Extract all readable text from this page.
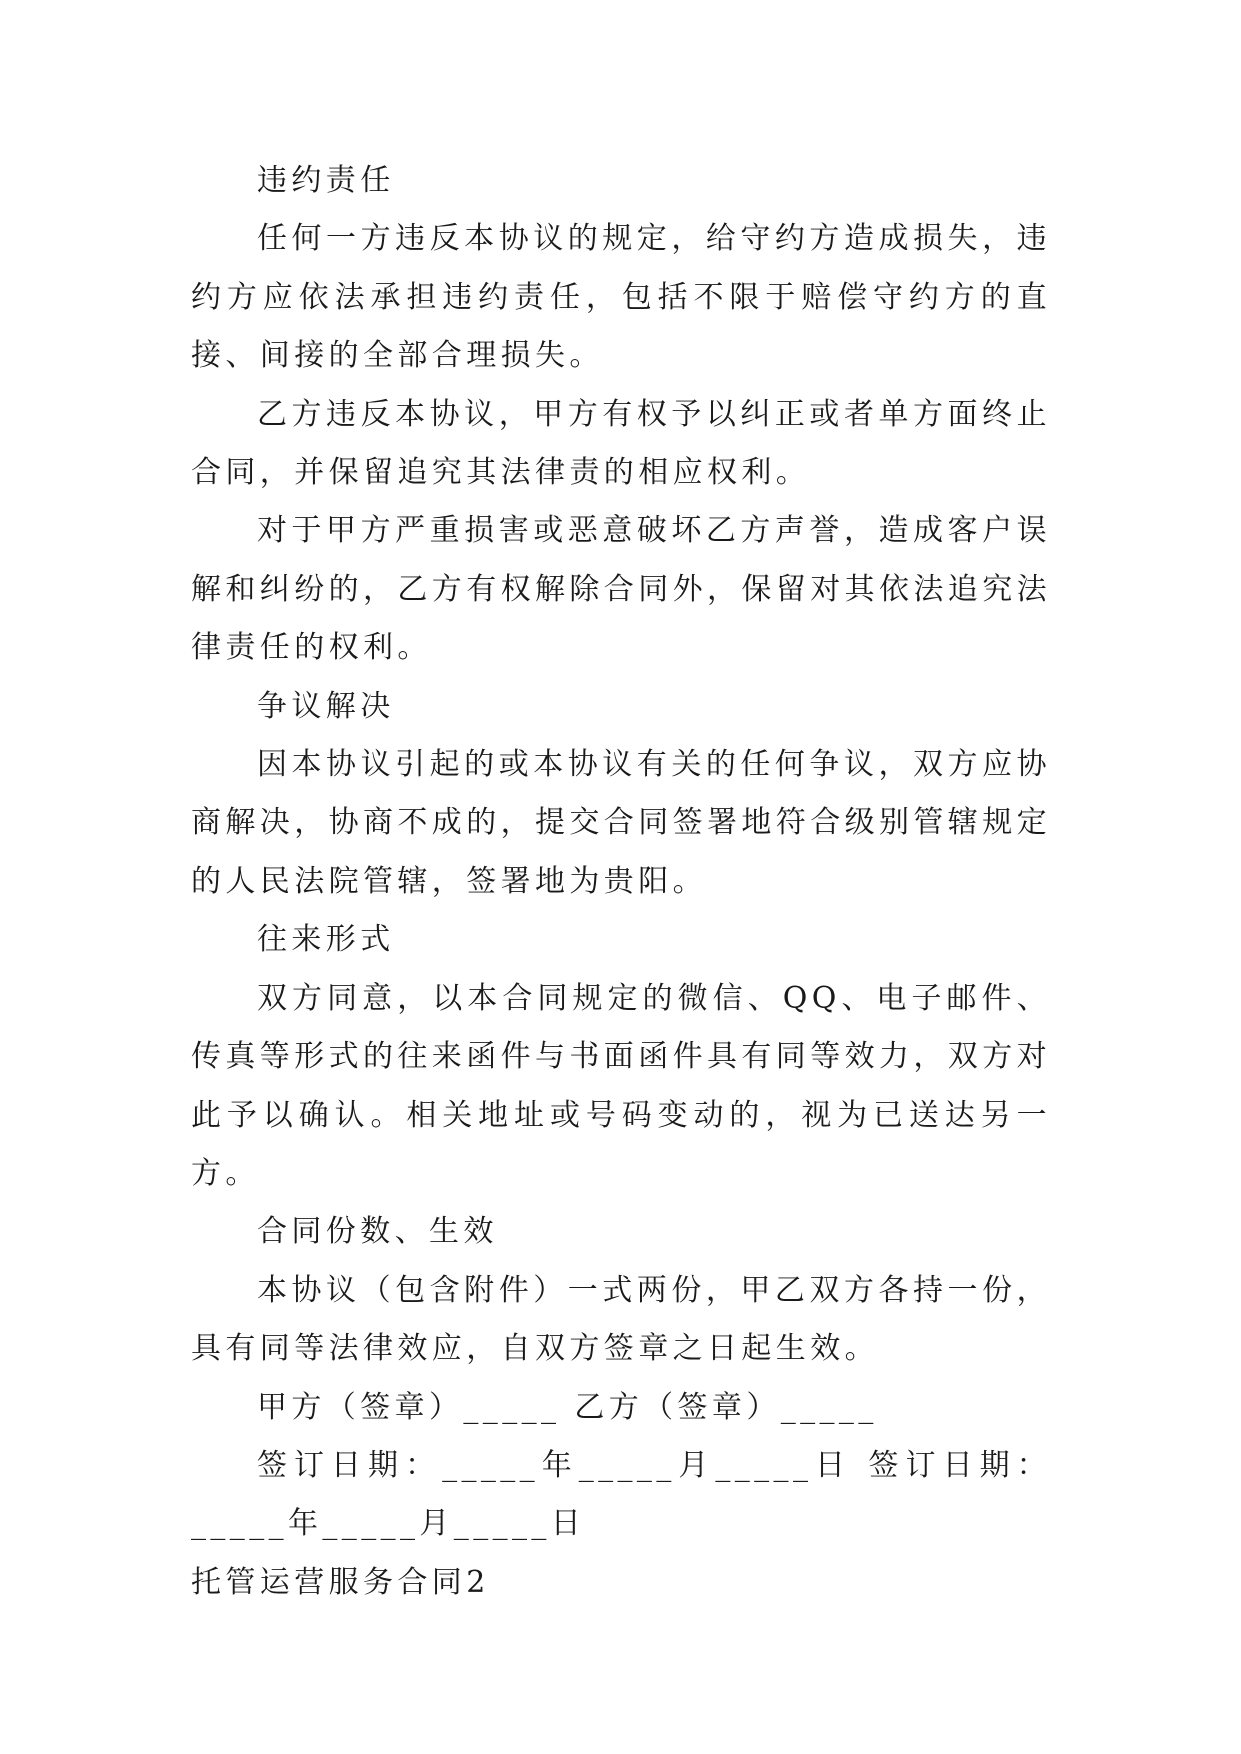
违约责任

任何一方违反本协议的规定，给守约方造成损失，违约方应依法承担违约责任，包括不限于赔偿守约方的直接、间接的全部合理损失。

乙方违反本协议，甲方有权予以纠正或者单方面终止合同，并保留追究其法律责的相应权利。

对于甲方严重损害或恶意破坏乙方声誉，造成客户误解和纠纷的，乙方有权解除合同外，保留对其依法追究法律责任的权利。

争议解决

因本协议引起的或本协议有关的任何争议，双方应协商解决，协商不成的，提交合同签署地符合级别管辖规定的人民法院管辖，签署地为贵阳。

往来形式

双方同意，以本合同规定的微信、QQ、电子邮件、传真等形式的往来函件与书面函件具有同等效力，双方对此予以确认。相关地址或号码变动的，视为已送达另一方。

合同份数、生效

本协议（包含附件）一式两份，甲乙双方各持一份，具有同等法律效应，自双方签章之日起生效。

甲方（签章）_____ 乙方（签章）_____

签订日期：_____年_____月_____日 签订日期：_____年_____月_____日

托管运营服务合同2
